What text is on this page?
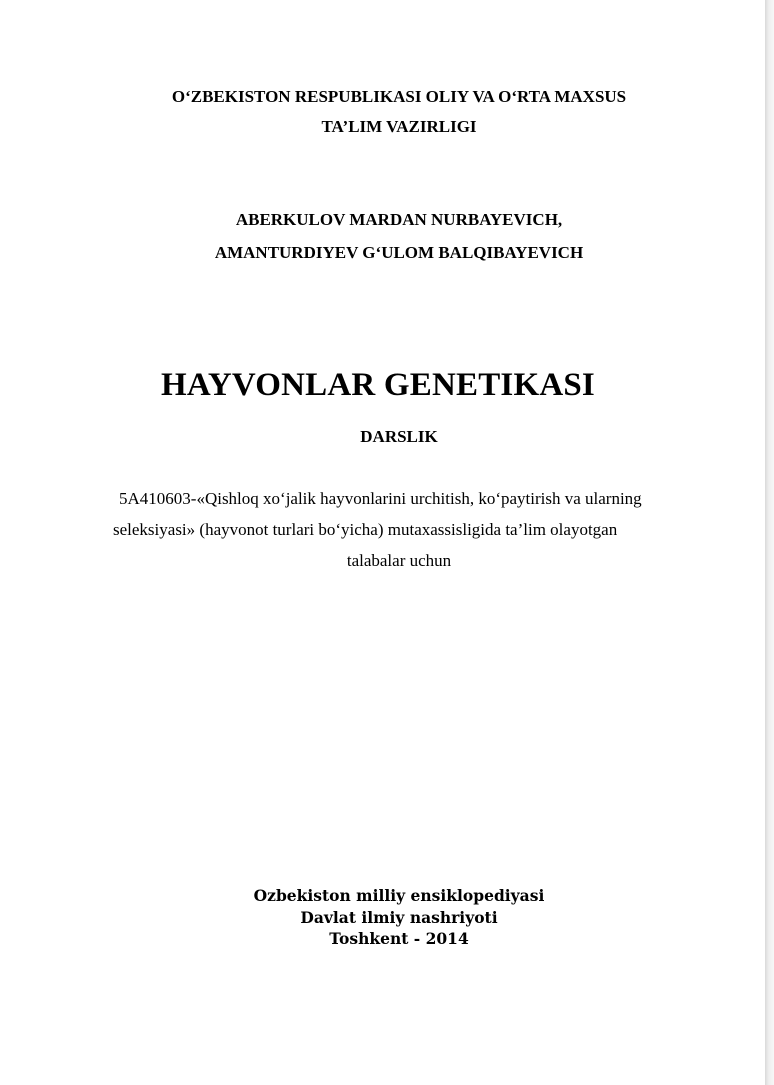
O‘ZBEKISTON RESPUBLIKASI OLIY VA O‘RTA MAXSUS
TA’LIM VAZIRLIGI
ABERKULOV MARDAN NURBAYEVICH,
AMANTURDIYEV G‘ULOM BALQIBAYEVICH
HAYVONLAR GENETIKASI
DARSLIK
5A410603-«Qishloq xo‘jalik hayvonlarini urchitish, ko‘paytirish va ularning
seleksiyasi» (hayvonot turlari bo‘yicha) mutaxassisligida ta’lim olayotgan
talabalar uchun
Ozbekiston milliy ensiklopediyasi
Davlat ilmiy nashriyoti
Toshkent - 2014
